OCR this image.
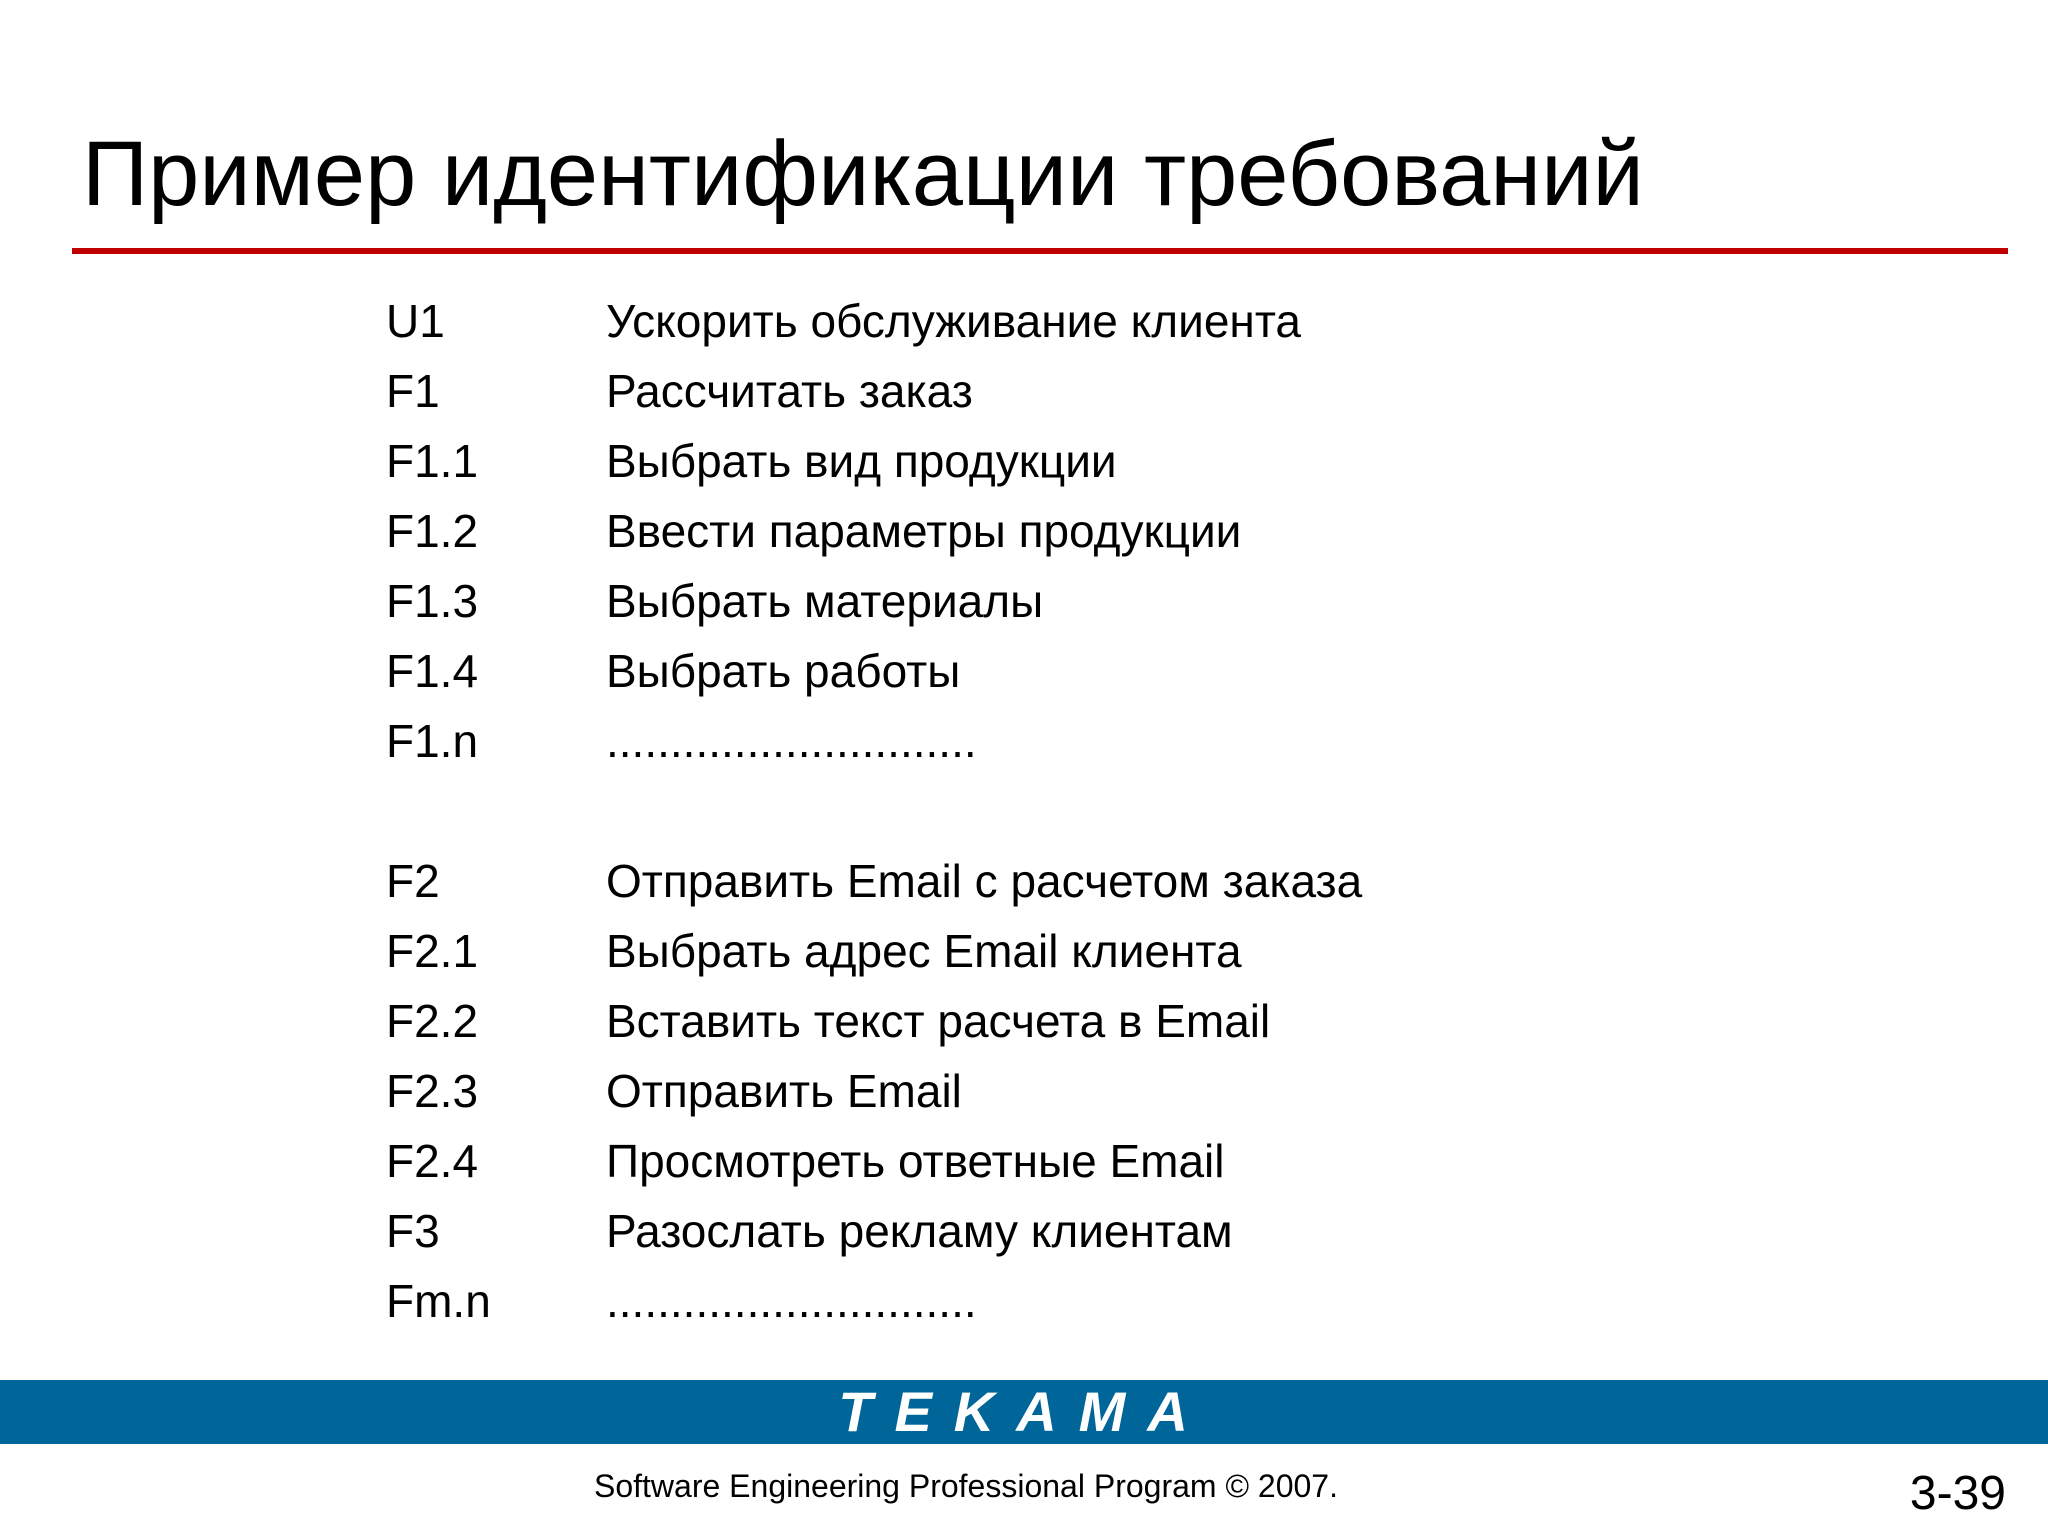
Пример идентификации требований
U1	Ускорить обслуживание клиента
F1	Рассчитать заказ
F1.1	Выбрать вид продукции
F1.2	Ввести параметры продукции
F1.3	Выбрать материалы
F1.4	Выбрать работы
F1.n	.............................
F2	Отправить Email с расчетом заказа
F2.1	Выбрать адрес Email клиента
F2.2	Вставить текст расчета в Email
F2.3	Отправить Email
F2.4	Просмотреть ответные Email
F3	Разослать рекламу клиентам
Fm.n	.............................
TEKAMA
Software Engineering Professional Program © 2007.	3-39
